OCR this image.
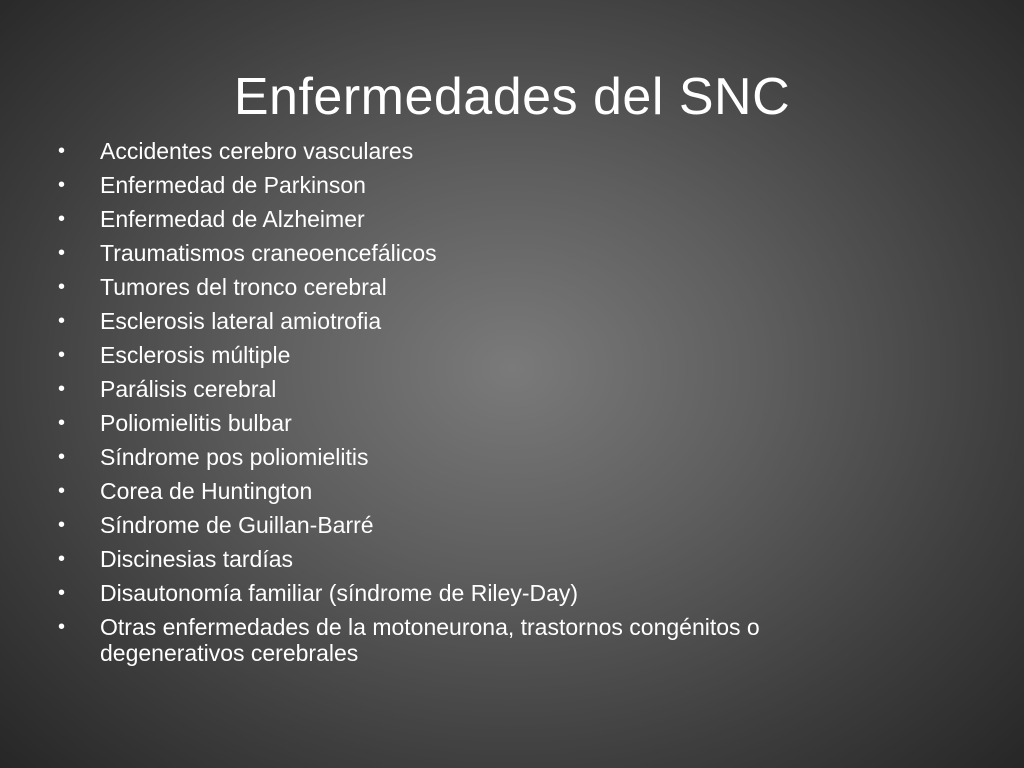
Enfermedades del SNC
•	Accidentes cerebro vasculares
•	Enfermedad de Parkinson
•	Enfermedad de Alzheimer
•	Traumatismos craneoencefálicos
•	Tumores del tronco cerebral
•	Esclerosis lateral amiotrofia
•	Esclerosis múltiple
•	Parálisis cerebral
•	Poliomielitis bulbar
•	Síndrome pos poliomielitis
•	Corea de Huntington
•	Síndrome de Guillan-Barré
•	Discinesias tardías
•	Disautonomía familiar (síndrome de Riley-Day)
•	Otras enfermedades de la motoneurona, trastornos congénitos o degenerativos cerebrales
